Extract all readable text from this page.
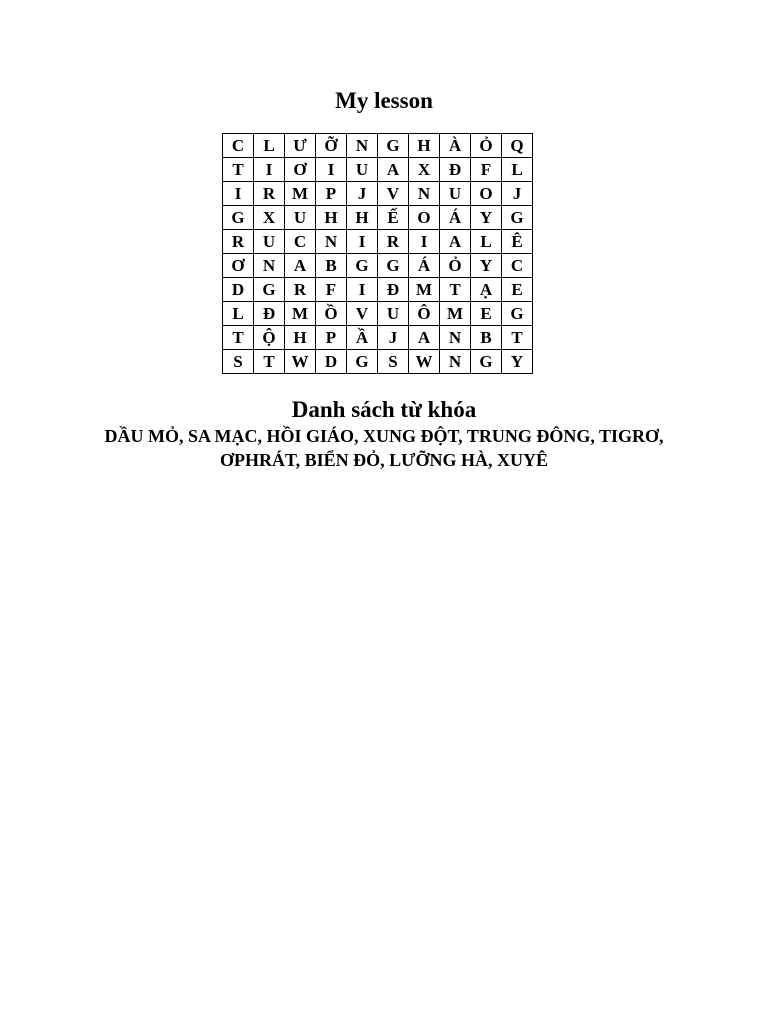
My lesson
C	L	Ư	Ỡ	N	G	H	À	Ỏ	Q
T	I	Ơ	I	U	A	X	Đ	F	L
I	R	M	P	J	V	N	U	O	J
G	X	U	H	H	Ế	O	Á	Y	G
R	U	C	N	I	R	I	A	L	Ê
Ơ	N	A	B	G	G	Á	Ỏ	Y	C
D	G	R	F	I	Đ	M	T	Ạ	E
L	Đ	M	Ồ	V	U	Ô	M	E	G
T	Ộ	H	P	Ầ	J	A	N	B	T
S	T	W	D	G	S	W	N	G	Y
Danh sách từ khóa
DẦU MỎ, SA MẠC, HỒI GIÁO, XUNG ĐỘT, TRUNG ĐÔNG, TIGRƠ,
ƠPHRÁT, BIỂN ĐỎ, LƯỠNG HÀ, XUYÊ
